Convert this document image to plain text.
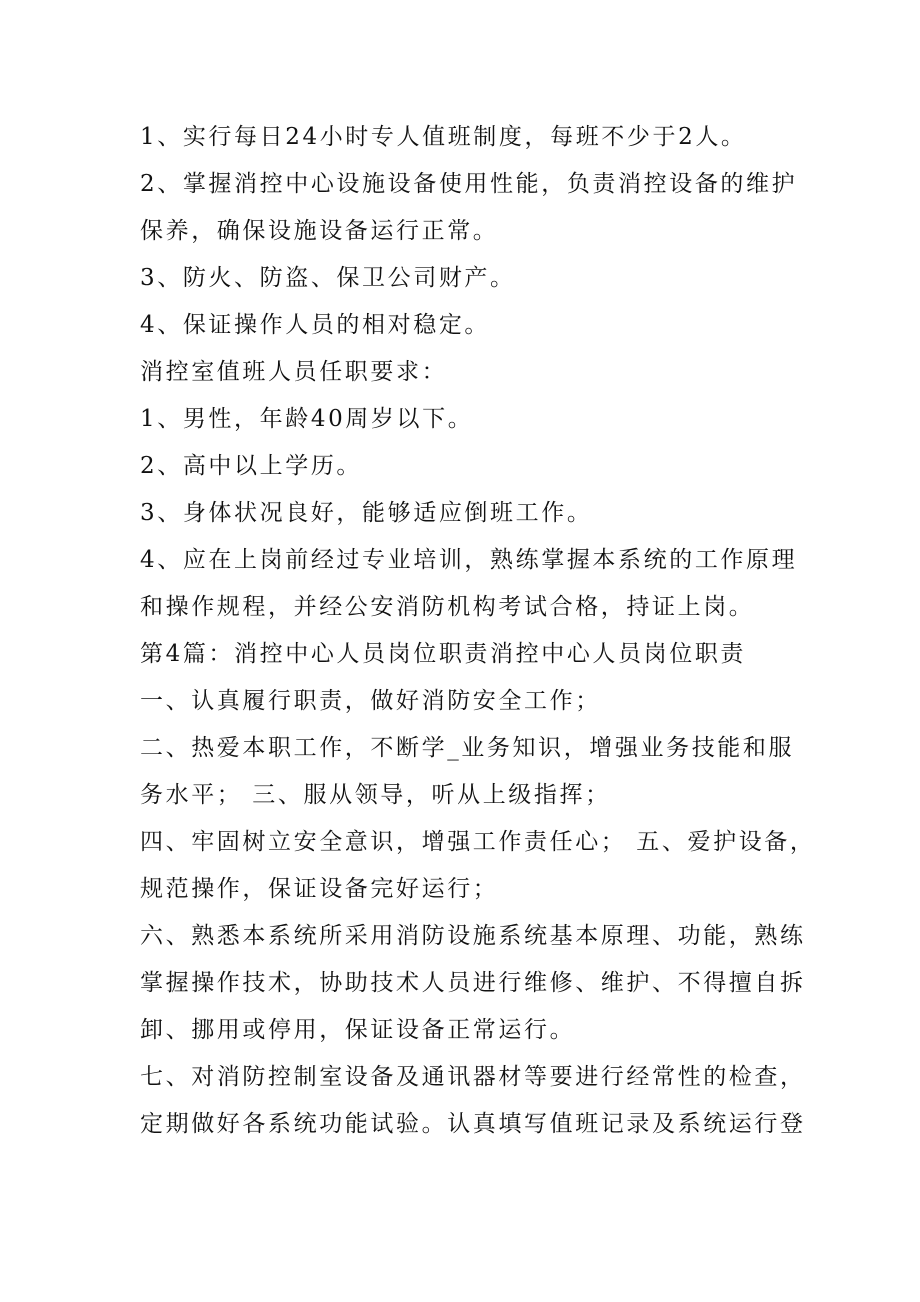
1、实行每日24小时专人值班制度，每班不少于2人。
2、掌握消控中心设施设备使用性能，负责消控设备的维护
保养，确保设施设备运行正常。
3、防火、防盗、保卫公司财产。
4、保证操作人员的相对稳定。
消控室值班人员任职要求：
1、男性，年龄40周岁以下。
2、高中以上学历。
3、身体状况良好，能够适应倒班工作。
4、应在上岗前经过专业培训，熟练掌握本系统的工作原理
和操作规程，并经公安消防机构考试合格，持证上岗。
第4篇：消控中心人员岗位职责消控中心人员岗位职责
一、认真履行职责，做好消防安全工作；
二、热爱本职工作，不断学_业务知识，增强业务技能和服
务水平； 三、服从领导，听从上级指挥；
四、牢固树立安全意识，增强工作责任心； 五、爱护设备，
规范操作，保证设备完好运行；
六、熟悉本系统所采用消防设施系统基本原理、功能，熟练
掌握操作技术，协助技术人员进行维修、维护、不得擅自拆
卸、挪用或停用，保证设备正常运行。
七、对消防控制室设备及通讯器材等要进行经常性的检查，
定期做好各系统功能试验。认真填写值班记录及系统运行登
